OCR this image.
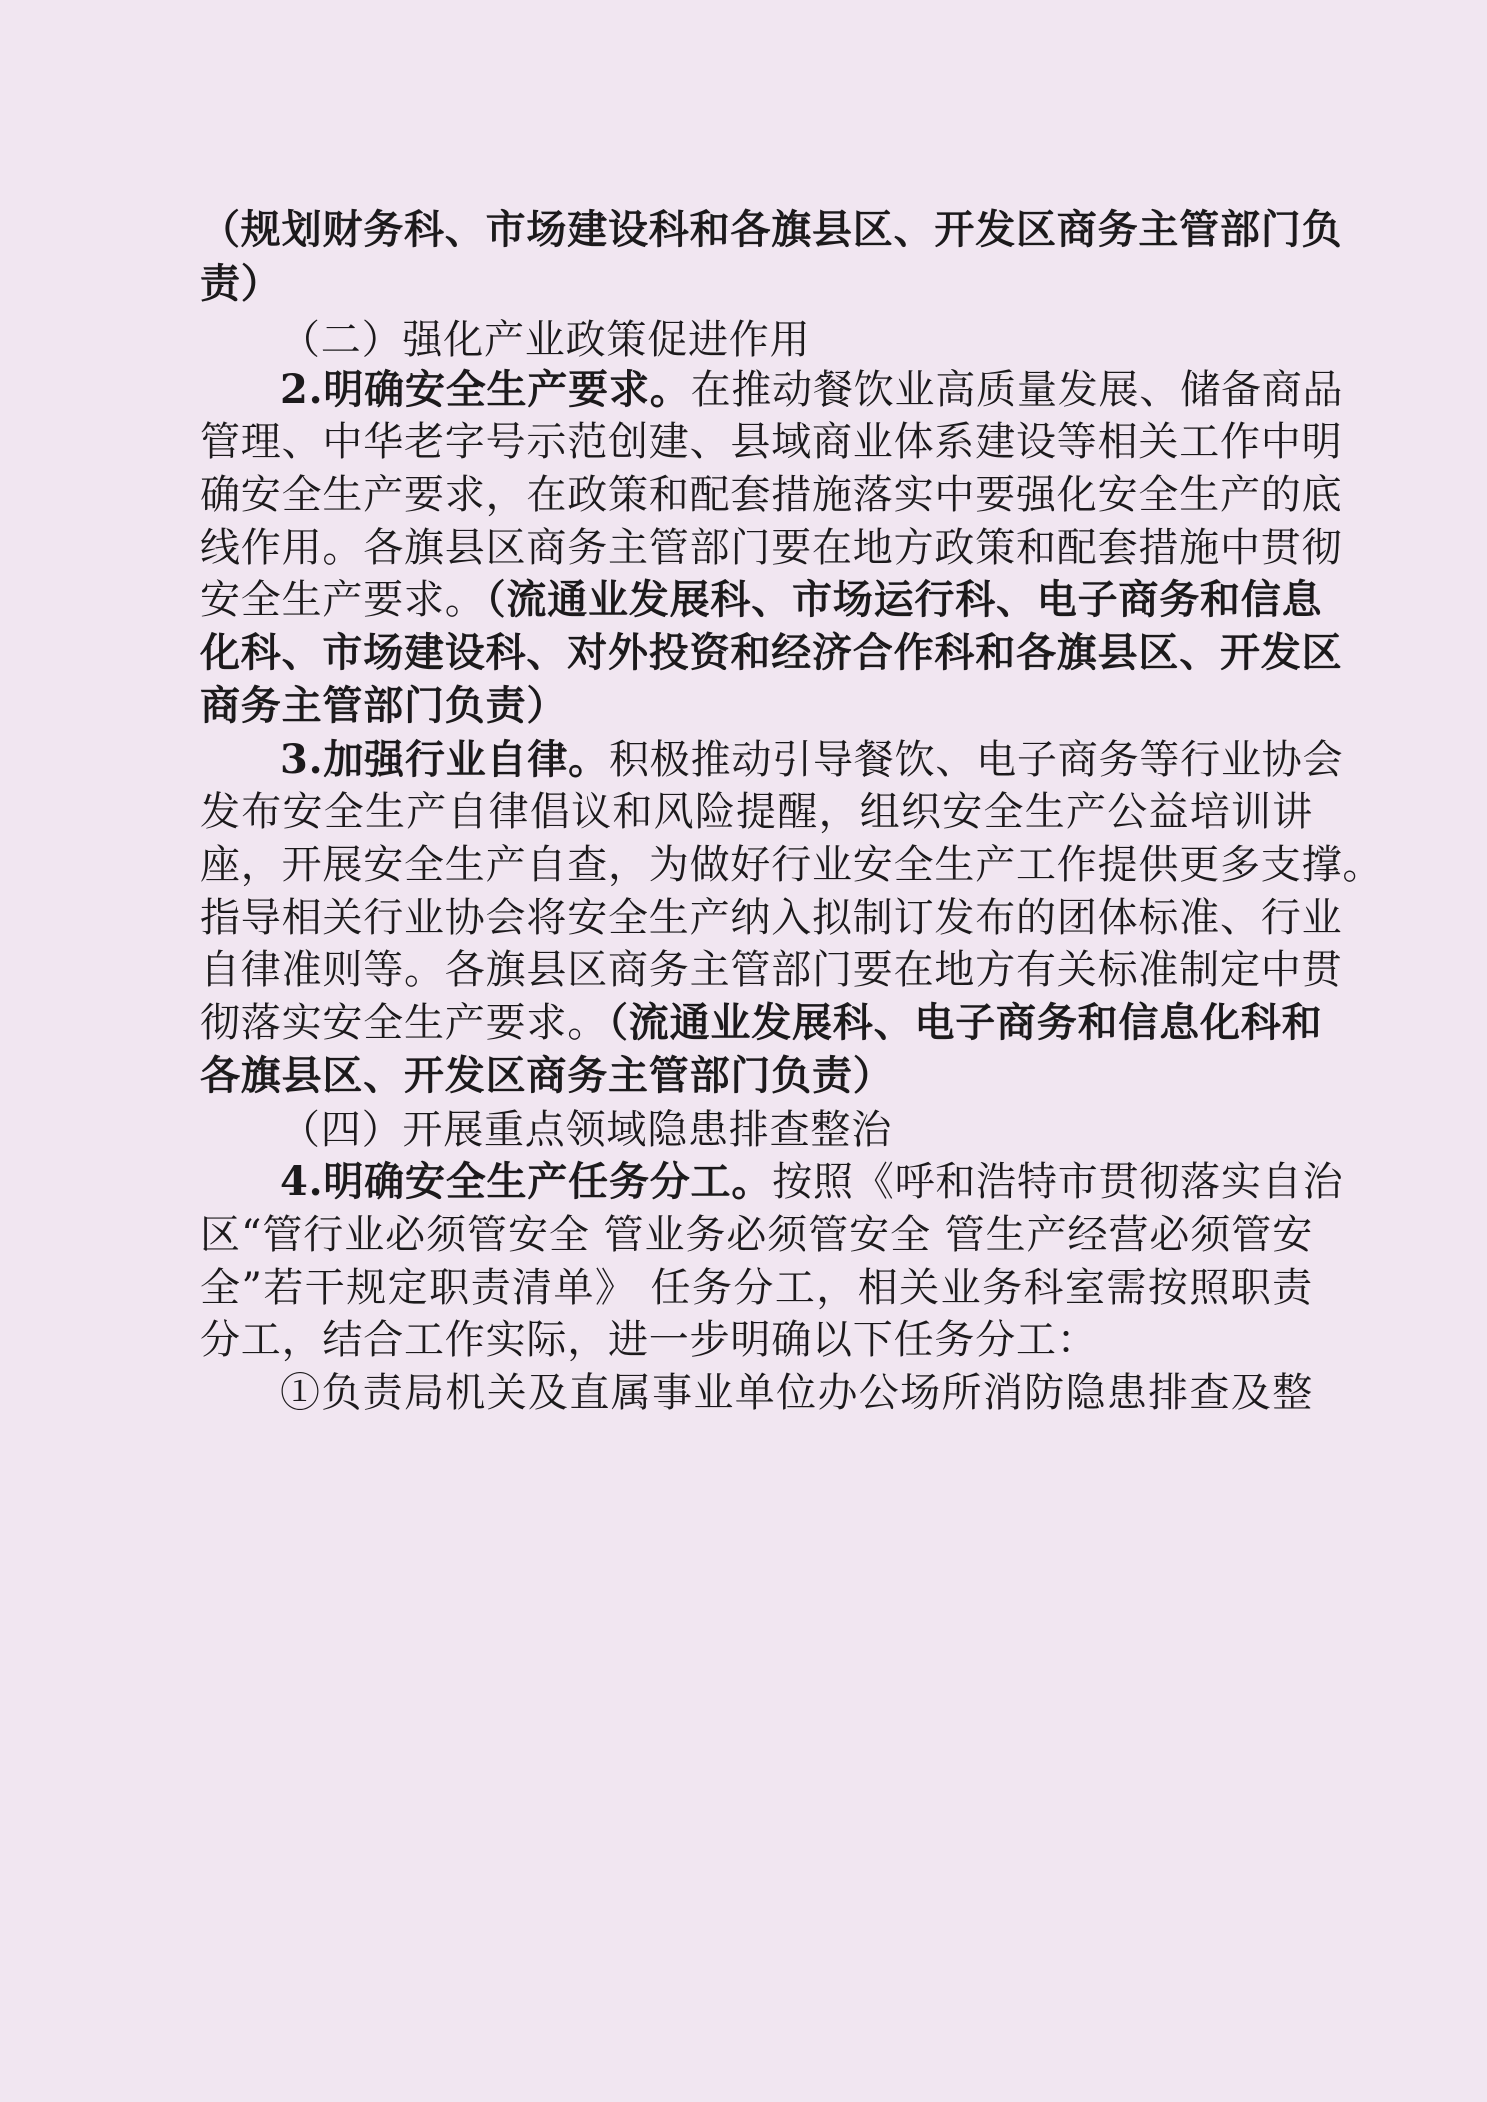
（规划财务科、市场建设科和各旗县区、开发区商务主管部门负
责）
（二）强化产业政策促进作用
2.明确安全生产要求。在推动餐饮业高质量发展、储备商品
管理、中华老字号示范创建、县域商业体系建设等相关工作中明
确安全生产要求，在政策和配套措施落实中要强化安全生产的底
线作用。各旗县区商务主管部门要在地方政策和配套措施中贯彻
安全生产要求。（流通业发展科、市场运行科、电子商务和信息
化科、市场建设科、对外投资和经济合作科和各旗县区、开发区
商务主管部门负责）
3.加强行业自律。积极推动引导餐饮、电子商务等行业协会
发布安全生产自律倡议和风险提醒，组织安全生产公益培训讲
座，开展安全生产自查，为做好行业安全生产工作提供更多支撑。
指导相关行业协会将安全生产纳入拟制订发布的团体标准、行业
自律准则等。各旗县区商务主管部门要在地方有关标准制定中贯
彻落实安全生产要求。（流通业发展科、电子商务和信息化科和
各旗县区、开发区商务主管部门负责）
（四）开展重点领域隐患排查整治
4.明确安全生产任务分工。按照《呼和浩特市贯彻落实自治
区“管行业必须管安全 管业务必须管安全 管生产经营必须管安
全”若干规定职责清单》 任务分工，相关业务科室需按照职责
分工，结合工作实际，进一步明确以下任务分工：
①负责局机关及直属事业单位办公场所消防隐患排查及整
